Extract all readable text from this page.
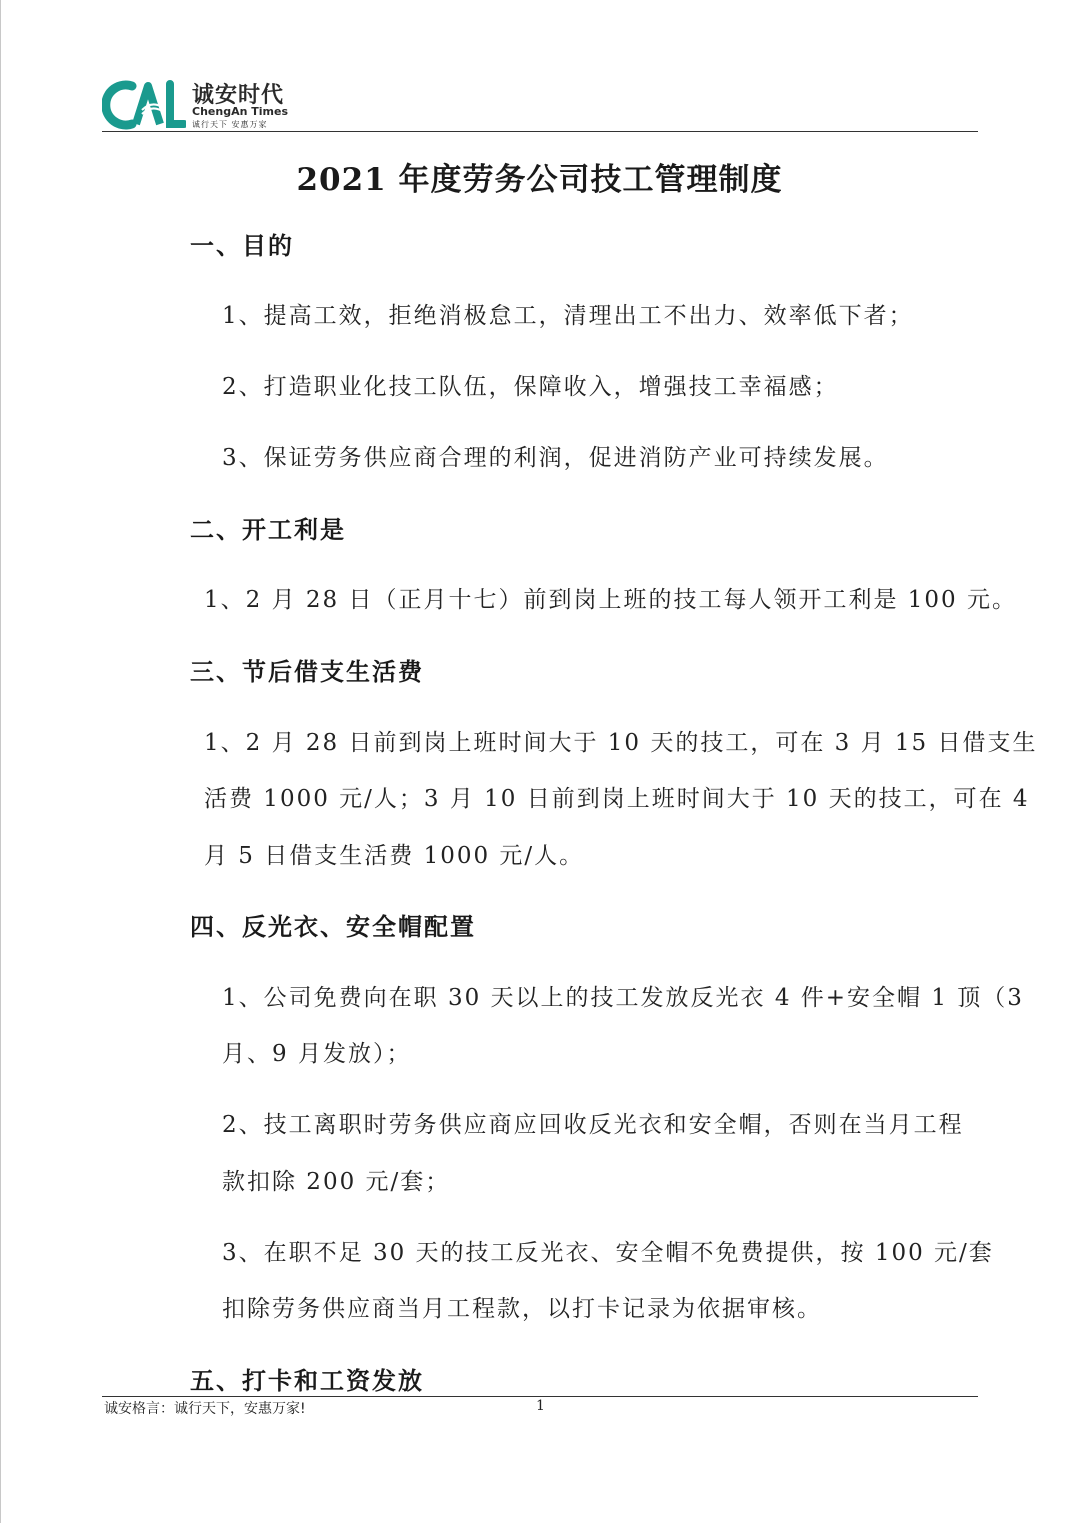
诚安时代
ChengAn Times
诚行天下 安惠万家
2021 年度劳务公司技工管理制度
一、目的
1、提高工效，拒绝消极怠工，清理出工不出力、效率低下者；
2、打造职业化技工队伍，保障收入，增强技工幸福感；
3、保证劳务供应商合理的利润，促进消防产业可持续发展。
二、开工利是
1、2 月 28 日（正月十七）前到岗上班的技工每人领开工利是 100 元。
三、节后借支生活费
1、2 月 28 日前到岗上班时间大于 10 天的技工，可在 3 月 15 日借支生
活费 1000 元/人；3 月 10 日前到岗上班时间大于 10 天的技工，可在 4
月 5 日借支生活费 1000 元/人。
四、反光衣、安全帽配置
1、公司免费向在职 30 天以上的技工发放反光衣 4 件+安全帽 1 顶（3
月、9 月发放）；
2、技工离职时劳务供应商应回收反光衣和安全帽，否则在当月工程
款扣除 200 元/套；
3、在职不足 30 天的技工反光衣、安全帽不免费提供，按 100 元/套
扣除劳务供应商当月工程款，以打卡记录为依据审核。
五、打卡和工资发放
诚安格言：诚行天下，安惠万家!	1
